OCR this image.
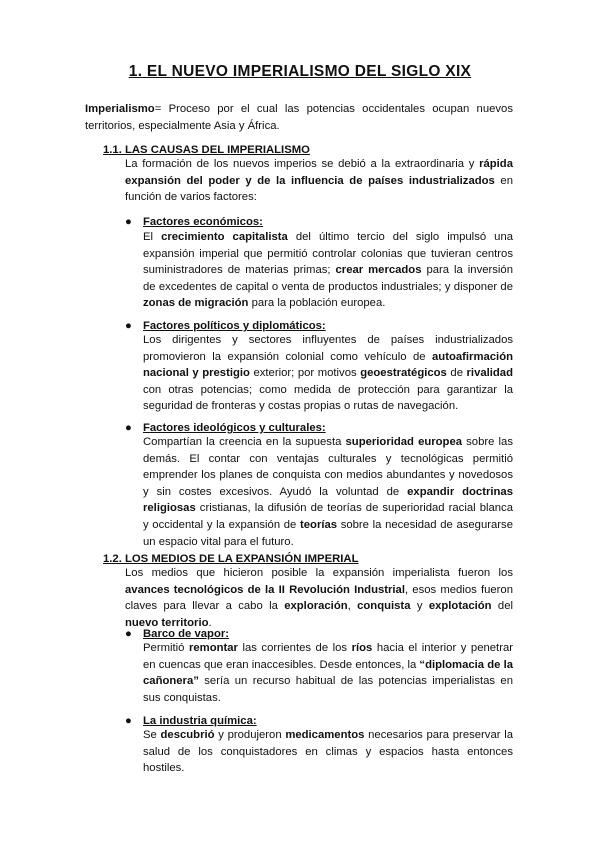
1. EL NUEVO IMPERIALISMO DEL SIGLO XIX
Imperialismo= Proceso por el cual las potencias occidentales ocupan nuevos territorios, especialmente Asia y África.
1.1. LAS CAUSAS DEL IMPERIALISMO
La formación de los nuevos imperios se debió a la extraordinaria y rápida expansión del poder y de la influencia de países industrializados en función de varios factores:
● Factores económicos:
El crecimiento capitalista del último tercio del siglo impulsó una expansión imperial que permitió controlar colonias que tuvieran centros suministradores de materias primas; crear mercados para la inversión de excedentes de capital o venta de productos industriales; y disponer de zonas de migración para la población europea.
● Factores políticos y diplomáticos:
Los dirigentes y sectores influyentes de países industrializados promovieron la expansión colonial como vehículo de autoafirmación nacional y prestigio exterior; por motivos geoestratégicos de rivalidad con otras potencias; como medida de protección para garantizar la seguridad de fronteras y costas propias o rutas de navegación.
● Factores ideológicos y culturales:
Compartían la creencia en la supuesta superioridad europea sobre las demás. El contar con ventajas culturales y tecnológicas permitió emprender los planes de conquista con medios abundantes y novedosos y sin costes excesivos. Ayudó la voluntad de expandir doctrinas religiosas cristianas, la difusión de teorías de superioridad racial blanca y occidental y la expansión de teorías sobre la necesidad de asegurarse un espacio vital para el futuro.
1.2. LOS MEDIOS DE LA EXPANSIÓN IMPERIAL
Los medios que hicieron posible la expansión imperialista fueron los avances tecnológicos de la II Revolución Industrial, esos medios fueron claves para llevar a cabo la exploración, conquista y explotación del nuevo territorio.
● Barco de vapor:
Permitió remontar las corrientes de los ríos hacia el interior y penetrar en cuencas que eran inaccesibles. Desde entonces, la “diplomacia de la cañonera” sería un recurso habitual de las potencias imperialistas en sus conquistas.
● La industria química:
Se descubrió y produjeron medicamentos necesarios para preservar la salud de los conquistadores en climas y espacios hasta entonces hostiles.
